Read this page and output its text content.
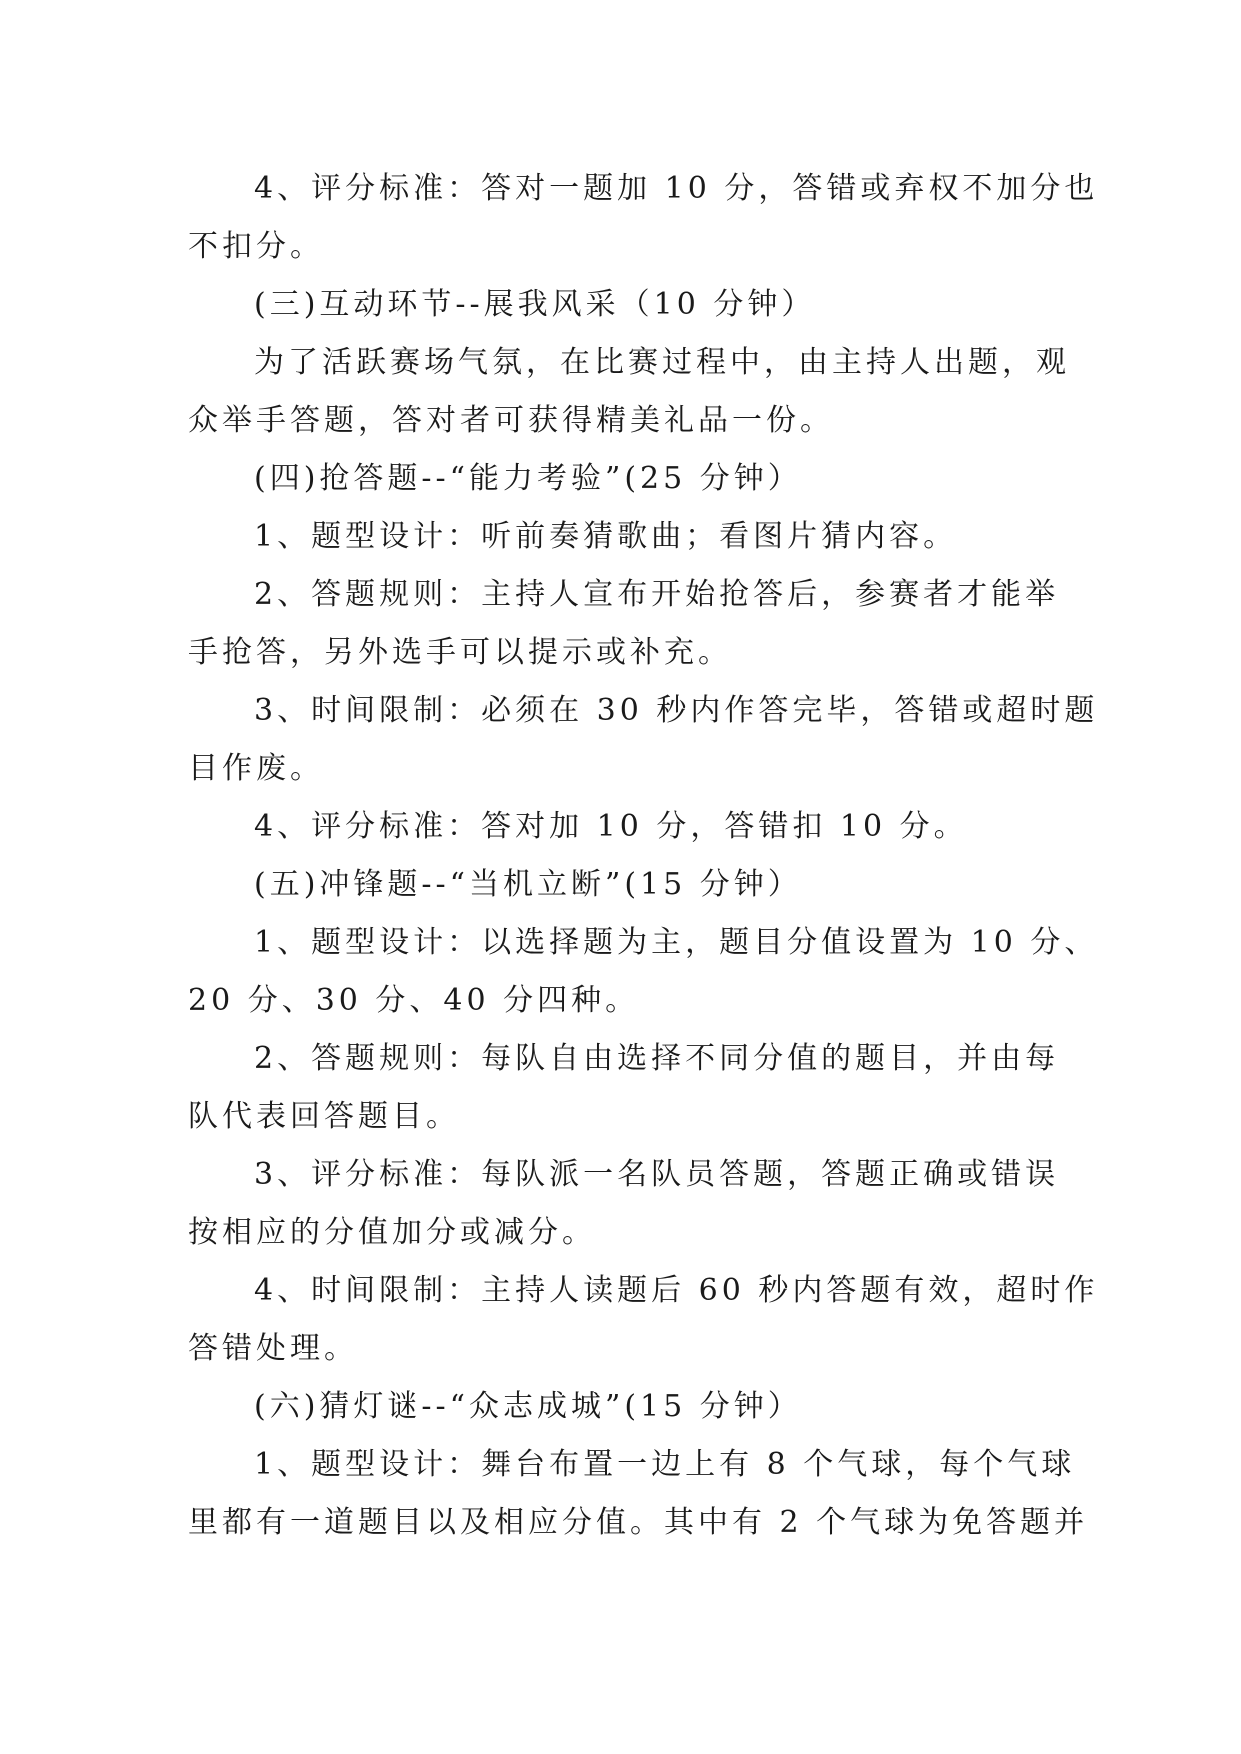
4、评分标准：答对一题加 10 分，答错或弃权不加分也
不扣分。
(三)互动环节--展我风采（10 分钟）
为了活跃赛场气氛，在比赛过程中，由主持人出题，观
众举手答题，答对者可获得精美礼品一份。
(四)抢答题--“能力考验”(25 分钟）
1、题型设计：听前奏猜歌曲；看图片猜内容。
2、答题规则：主持人宣布开始抢答后，参赛者才能举
手抢答，另外选手可以提示或补充。
3、时间限制：必须在 30 秒内作答完毕，答错或超时题
目作废。
4、评分标准：答对加 10 分，答错扣 10 分。
(五)冲锋题--“当机立断”(15 分钟）
1、题型设计：以选择题为主，题目分值设置为 10 分、
20 分、30 分、40 分四种。
2、答题规则：每队自由选择不同分值的题目，并由每
队代表回答题目。
3、评分标准：每队派一名队员答题，答题正确或错误
按相应的分值加分或减分。
4、时间限制：主持人读题后 60 秒内答题有效，超时作
答错处理。
(六)猜灯谜--“众志成城”(15 分钟）
1、题型设计：舞台布置一边上有 8 个气球，每个气球
里都有一道题目以及相应分值。其中有 2 个气球为免答题并
